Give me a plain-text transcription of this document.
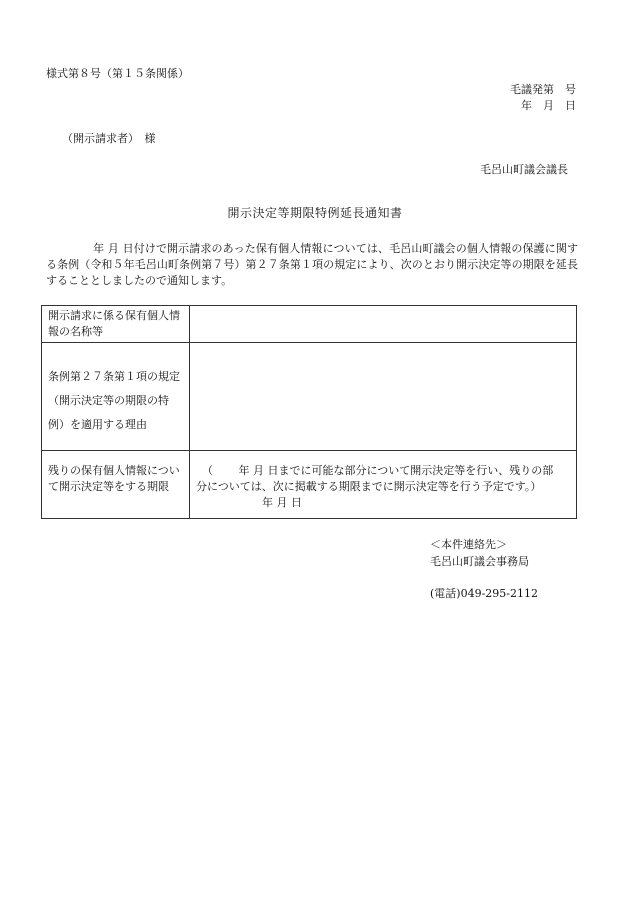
様式第８号（第１５条関係）
毛議発第　号
年　月　日
（開示請求者）　様
毛呂山町議会議長
開示決定等期限特例延長通知書
年 月 日付けで開示請求のあった保有個人情報については、毛呂山町議会の個人情報の保護に関する条例（令和５年毛呂山町条例第７号）第２７条第１項の規定により、次のとおり開示決定等の期限を延長することとしましたので通知します。
開示請求に係る保有個人情報の名称等	
条例第２７条第１項の規定（開示決定等の期限の特例）を適用する理由	
残りの保有個人情報について開示決定等をする期限	（　　 年 月 日までに可能な部分について開示決定等を行い、残りの部
分については、次に掲載する期限までに開示決定等を行う予定です。）
年 月 日
＜本件連絡先＞
毛呂山町議会事務局
(電話)049-295-2112
